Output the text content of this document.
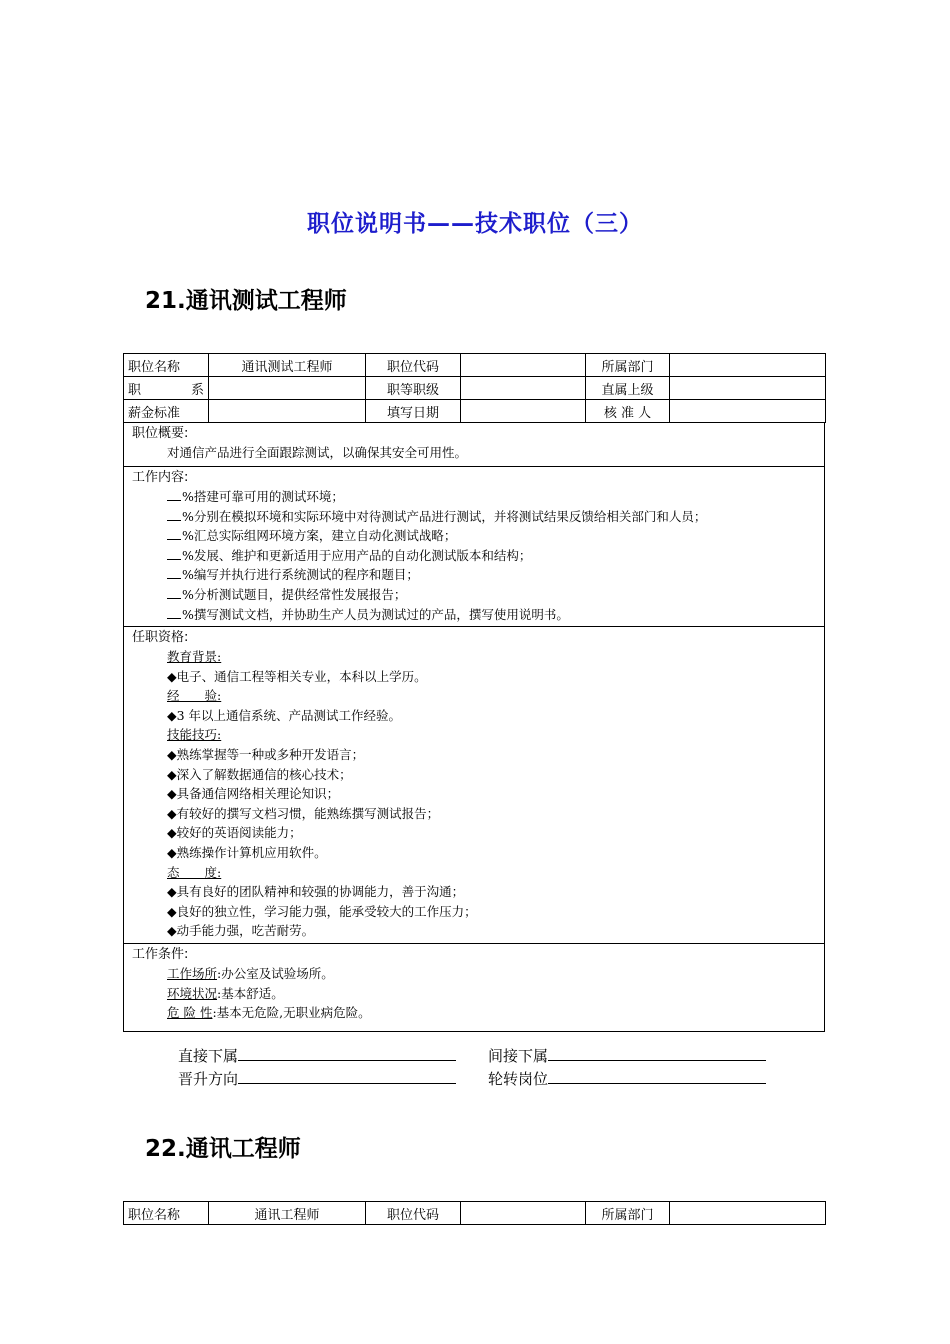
职位说明书——技术职位（三）
21.通讯测试工程师
职位名称	通讯测试工程师	职位代码		所属部门	
职　　系		职等职级		直属上级	
薪金标准		填写日期		核 准 人	
职位概要:
对通信产品进行全面跟踪测试，以确保其安全可用性。
工作内容:
%搭建可靠可用的测试环境；
%分别在模拟环境和实际环境中对待测试产品进行测试，并将测试结果反馈给相关部门和人员；
%汇总实际组网环境方案，建立自动化测试战略；
%发展、维护和更新适用于应用产品的自动化测试版本和结构；
%编写并执行进行系统测试的程序和题目；
%分析测试题目，提供经常性发展报告；
%撰写测试文档，并协助生产人员为测试过的产品，撰写使用说明书。
任职资格:
教育背景:
◆电子、通信工程等相关专业，本科以上学历。
经　　验:
◆3 年以上通信系统、产品测试工作经验。
技能技巧:
◆熟练掌握等一种或多种开发语言；
◆深入了解数据通信的核心技术；
◆具备通信网络相关理论知识；
◆有较好的撰写文档习惯，能熟练撰写测试报告；
◆较好的英语阅读能力；
◆熟练操作计算机应用软件。
态　　度:
◆具有良好的团队精神和较强的协调能力，善于沟通；
◆良好的独立性，学习能力强，能承受较大的工作压力；
◆动手能力强，吃苦耐劳。
工作条件:
工作场所:办公室及试验场所。
环境状况:基本舒适。
危 险 性:基本无危险,无职业病危险。
直接下属	间接下属
晋升方向	轮转岗位
22.通讯工程师
职位名称	通讯工程师	职位代码		所属部门	
